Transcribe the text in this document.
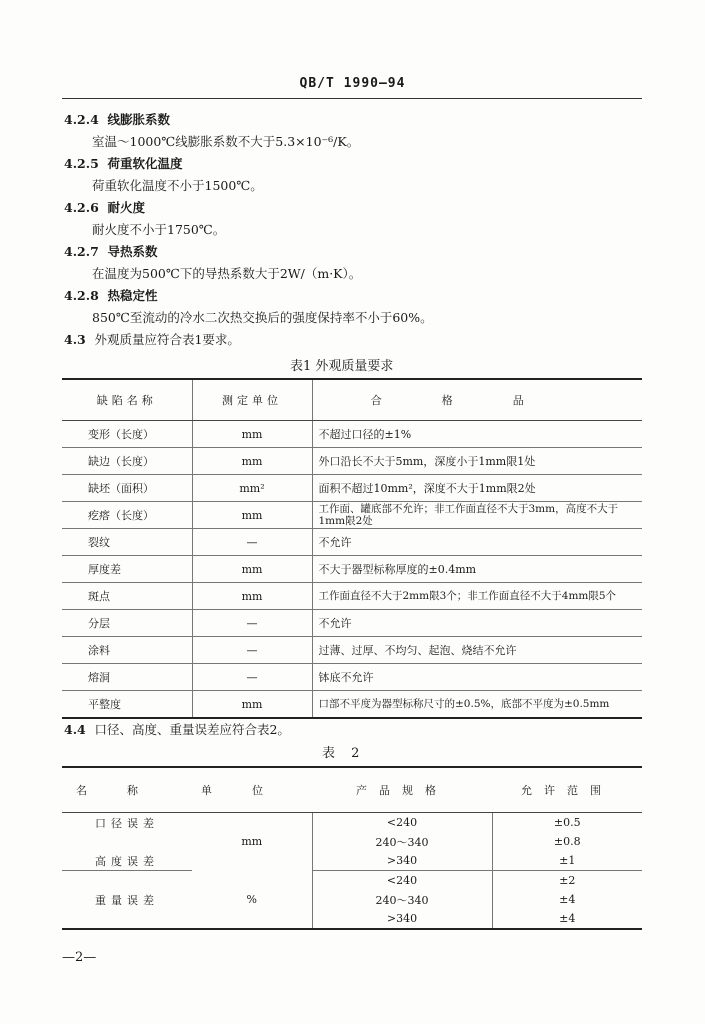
QB/T 1990—94
4.2.4 线膨胀系数
室温～1000℃线膨胀系数不大于5.3×10⁻⁶/K。
4.2.5 荷重软化温度
荷重软化温度不小于1500℃。
4.2.6 耐火度
耐火度不小于1750℃。
4.2.7 导热系数
在温度为500℃下的导热系数大于2W/（m·K）。
4.2.8 热稳定性
850℃至流动的冷水二次热交换后的强度保持率不小于60%。
4.3 外观质量应符合表1要求。
表1 外观质量要求
缺陷名称	测定单位	合格品
变形（长度）	mm	不超过口径的±1%
缺边（长度）	mm	外口沿长不大于5mm，深度小于1mm限1处
缺坯（面积）	mm²	面积不超过10mm²，深度不大于1mm限2处
疙瘩（长度）	mm	工作面、罐底部不允许；非工作面直径不大于3mm，高度不大于1mm限2处
裂纹	—	不允许
厚度差	mm	不大于器型标称厚度的±0.4mm
斑点	mm	工作面直径不大于2mm限3个；非工作面直径不大于4mm限5个
分层	—	不允许
涂料	—	过薄、过厚、不均匀、起泡、烧结不允许
熔洞	—	钵底不允许
平整度	mm	口部不平度为器型标称尺寸的±0.5%，底部不平度为±0.5mm
4.4 口径、高度、重量误差应符合表2。
表 2
名称	单位	产品规格	允许范围
口径误差	mm	<240	±0.5
		240～340	±0.8
高度误差		>340	±1
重量误差	%	<240	±2
		240～340	±4
		>340	±4
—2—
